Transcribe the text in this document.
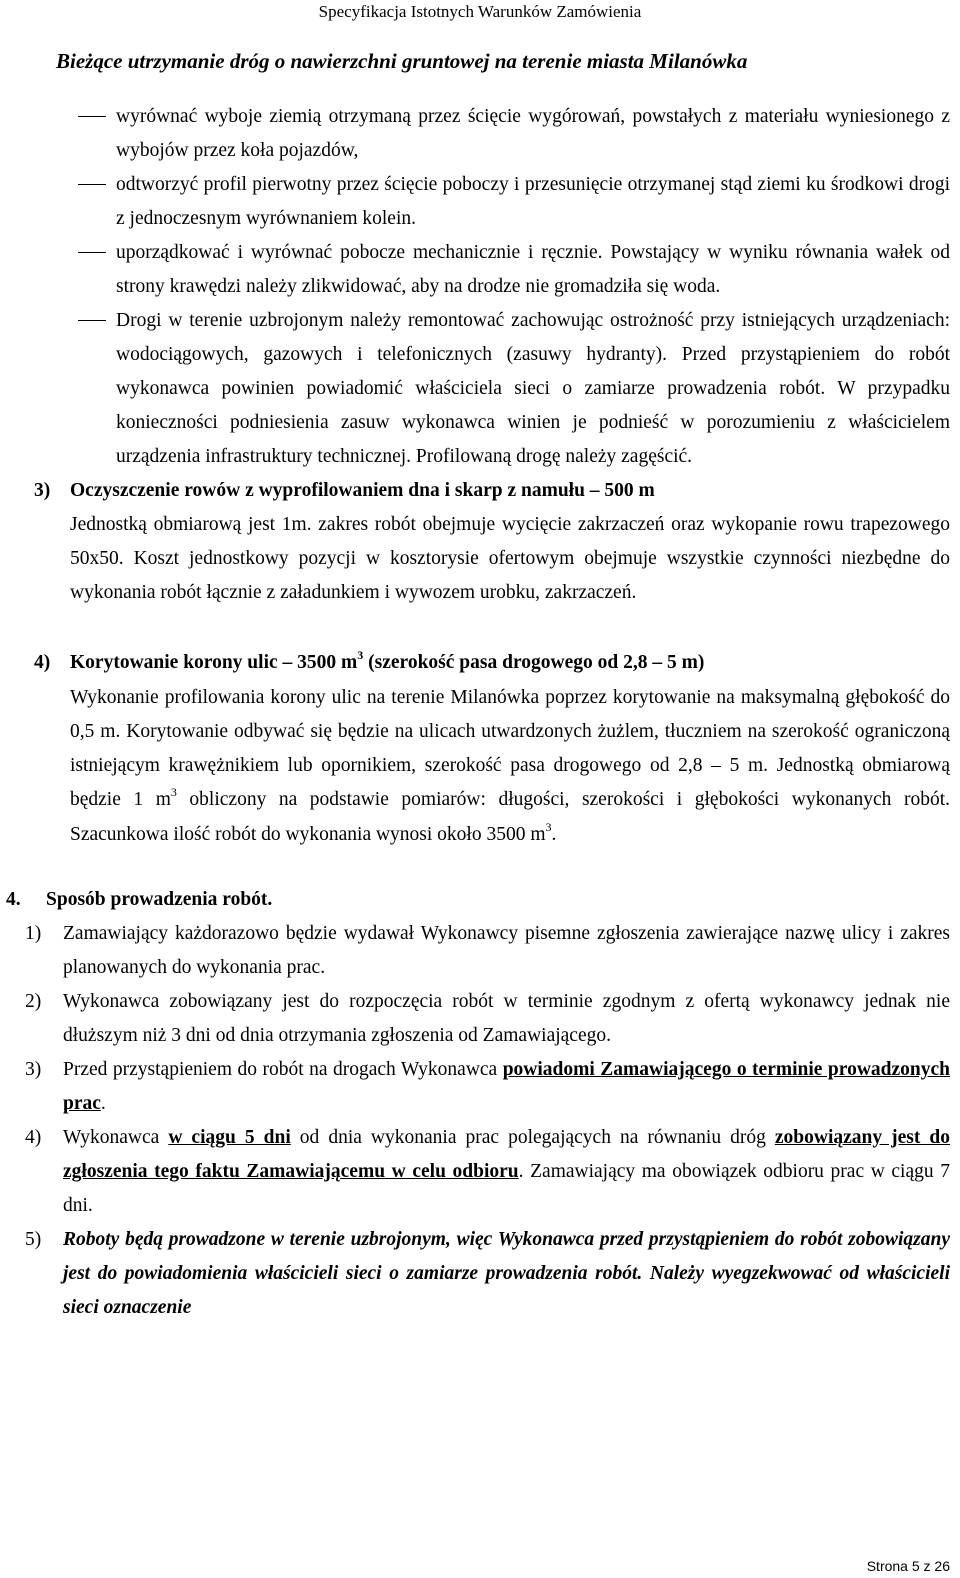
Specyfikacja Istotnych Warunków Zamówienia
Bieżące utrzymanie dróg o nawierzchni gruntowej na terenie miasta Milanówka
wyrównać wyboje ziemią otrzymaną przez ścięcie wygórowań, powstałych z materiału wyniesionego z wybojów przez koła pojazdów,
odtworzyć profil pierwotny przez ścięcie poboczy i przesunięcie otrzymanej stąd ziemi ku środkowi drogi z jednoczesnym wyrównaniem kolein.
uporządkować i wyrównać pobocze mechanicznie i ręcznie. Powstający w wyniku równania wałek od strony krawędzi należy zlikwidować, aby na drodze nie gromadziła się woda.
Drogi w terenie uzbrojonym należy remontować zachowując ostrożność przy istniejących urządzeniach: wodociągowych, gazowych i telefonicznych (zasuwy hydranty). Przed przystąpieniem do robót wykonawca powinien powiadomić właściciela sieci o zamiarze prowadzenia robót. W przypadku konieczności podniesienia zasuw wykonawca winien je podnieść w porozumieniu z właścicielem urządzenia infrastruktury technicznej. Profilowaną drogę należy zagęścić.
3) Oczyszczenie rowów z wyprofilowaniem dna i skarp z namułu – 500 m
Jednostką obmiarową jest 1m. zakres robót obejmuje wycięcie zakrzaczeń oraz wykopanie rowu trapezowego 50x50. Koszt jednostkowy pozycji w kosztorysie ofertowym obejmuje wszystkie czynności niezbędne do wykonania robót łącznie z załadunkiem i wywozem urobku, zakrzaczeń.
4) Korytowanie korony ulic – 3500 $m^3$ (szerokość pasa drogowego od 2,8 – 5 m)
Wykonanie profilowania korony ulic na terenie Milanówka poprzez korytowanie na maksymalną głębokość do 0,5 m. Korytowanie odbywać się będzie na ulicach utwardzonych żużlem, tłuczniem na szerokość ograniczoną istniejącym krawężnikiem lub opornikiem, szerokość pasa drogowego od 2,8 – 5 m. Jednostką obmiarową będzie 1 $m^3$ obliczony na podstawie pomiarów: długości, szerokości i głębokości wykonanych robót. Szacunkowa ilość robót do wykonania wynosi około 3500 $m^3$.
4. Sposób prowadzenia robót.
1) Zamawiający każdorazowo będzie wydawał Wykonawcy pisemne zgłoszenia zawierające nazwę ulicy i zakres planowanych do wykonania prac.
2) Wykonawca zobowiązany jest do rozpoczęcia robót w terminie zgodnym z ofertą wykonawcy jednak nie dłuższym niż 3 dni od dnia otrzymania zgłoszenia od Zamawiającego.
3) Przed przystąpieniem do robót na drogach Wykonawca powiadomi Zamawiającego o terminie prowadzonych prac.
4) Wykonawca w ciągu 5 dni od dnia wykonania prac polegających na równaniu dróg zobowiązany jest do zgłoszenia tego faktu Zamawiającemu w celu odbioru. Zamawiający ma obowiązek odbioru prac w ciągu 7 dni.
5) Roboty będą prowadzone w terenie uzbrojonym, więc Wykonawca przed przystąpieniem do robót zobowiązany jest do powiadomienia właścicieli sieci o zamiarze prowadzenia robót. Należy wyegzekwować od właścicieli sieci oznaczenie
Strona 5 z 26
